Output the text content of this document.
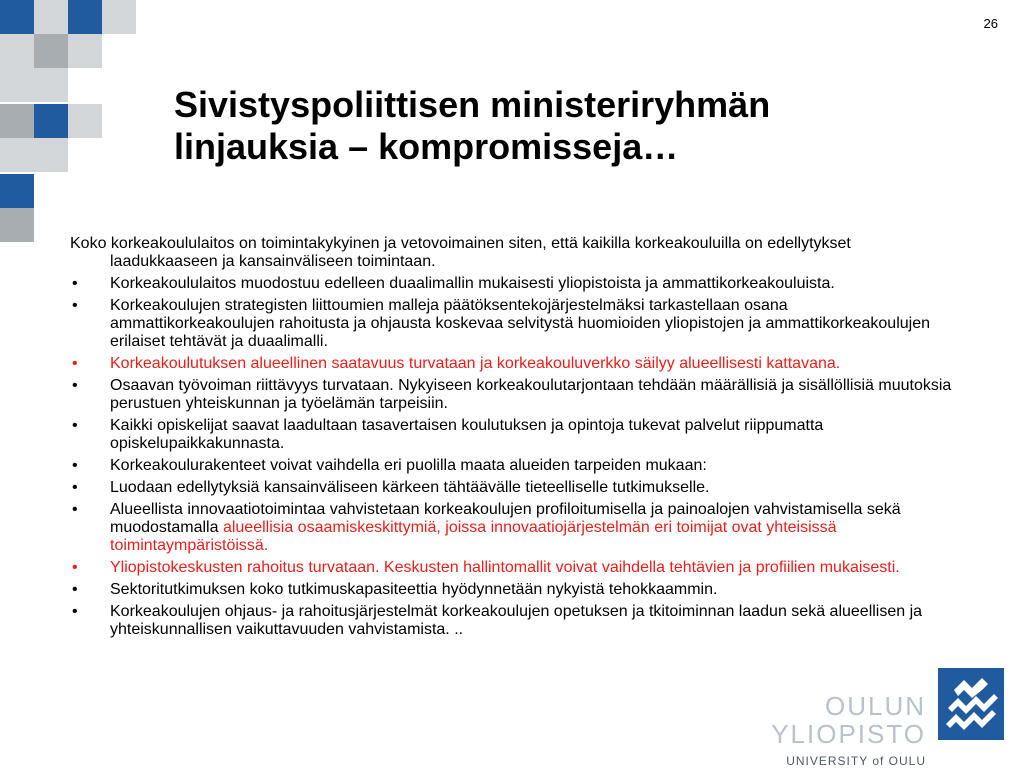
26
Sivistyspoliittisen ministeriryhmän
linjauksia – kompromisseja…
Koko korkeakoululaitos on toimintakykyinen ja vetovoimainen siten, että kaikilla korkeakouluilla on edellytykset laadukkaaseen ja kansainväliseen toimintaan.
• Korkeakoululaitos muodostuu edelleen duaalimallin mukaisesti yliopistoista ja ammattikorkeakouluista.
• Korkeakoulujen strategisten liittoumien malleja päätöksentekojärjestelmäksi tarkastellaan osana ammattikorkeakoulujen rahoitusta ja ohjausta koskevaa selvitystä huomioiden yliopistojen ja ammattikorkeakoulujen erilaiset tehtävät ja duaalimalli.
• Korkeakoulutuksen alueellinen saatavuus turvataan ja korkeakouluverkko säilyy alueellisesti kattavana.
• Osaavan työvoiman riittävyys turvataan. Nykyiseen korkeakoulutarjontaan tehdään määrällisiä ja sisällöllisiä muutoksia perustuen yhteiskunnan ja työelämän tarpeisiin.
• Kaikki opiskelijat saavat laadultaan tasavertaisen koulutuksen ja opintoja tukevat palvelut riippumatta opiskelupaikkakunnasta.
• Korkeakoulurakenteet voivat vaihdella eri puolilla maata alueiden tarpeiden mukaan:
• Luodaan edellytyksiä kansainväliseen kärkeen tähtäävälle tieteelliselle tutkimukselle.
• Alueellista innovaatiotoimintaa vahvistetaan korkeakoulujen profiloitumisella ja painoalojen vahvistamisella sekä muodostamalla alueellisia osaamiskeskittymiä, joissa innovaatiojärjestelmän eri toimijat ovat yhteisissä toimintaympäristöissä.
• Yliopistokeskusten rahoitus turvataan. Keskusten hallintomallit voivat vaihdella tehtävien ja profiilien mukaisesti.
• Sektoritutkimuksen koko tutkimuskapasiteettia hyödynnetään nykyistä tehokkaammin.
• Korkeakoulujen ohjaus- ja rahoitusjärjestelmät korkeakoulujen opetuksen ja tkitoiminnan laadun sekä alueellisen ja yhteiskunnallisen vaikuttavuuden vahvistamista. ..
OULUN YLIOPISTO
UNIVERSITY of OULU
